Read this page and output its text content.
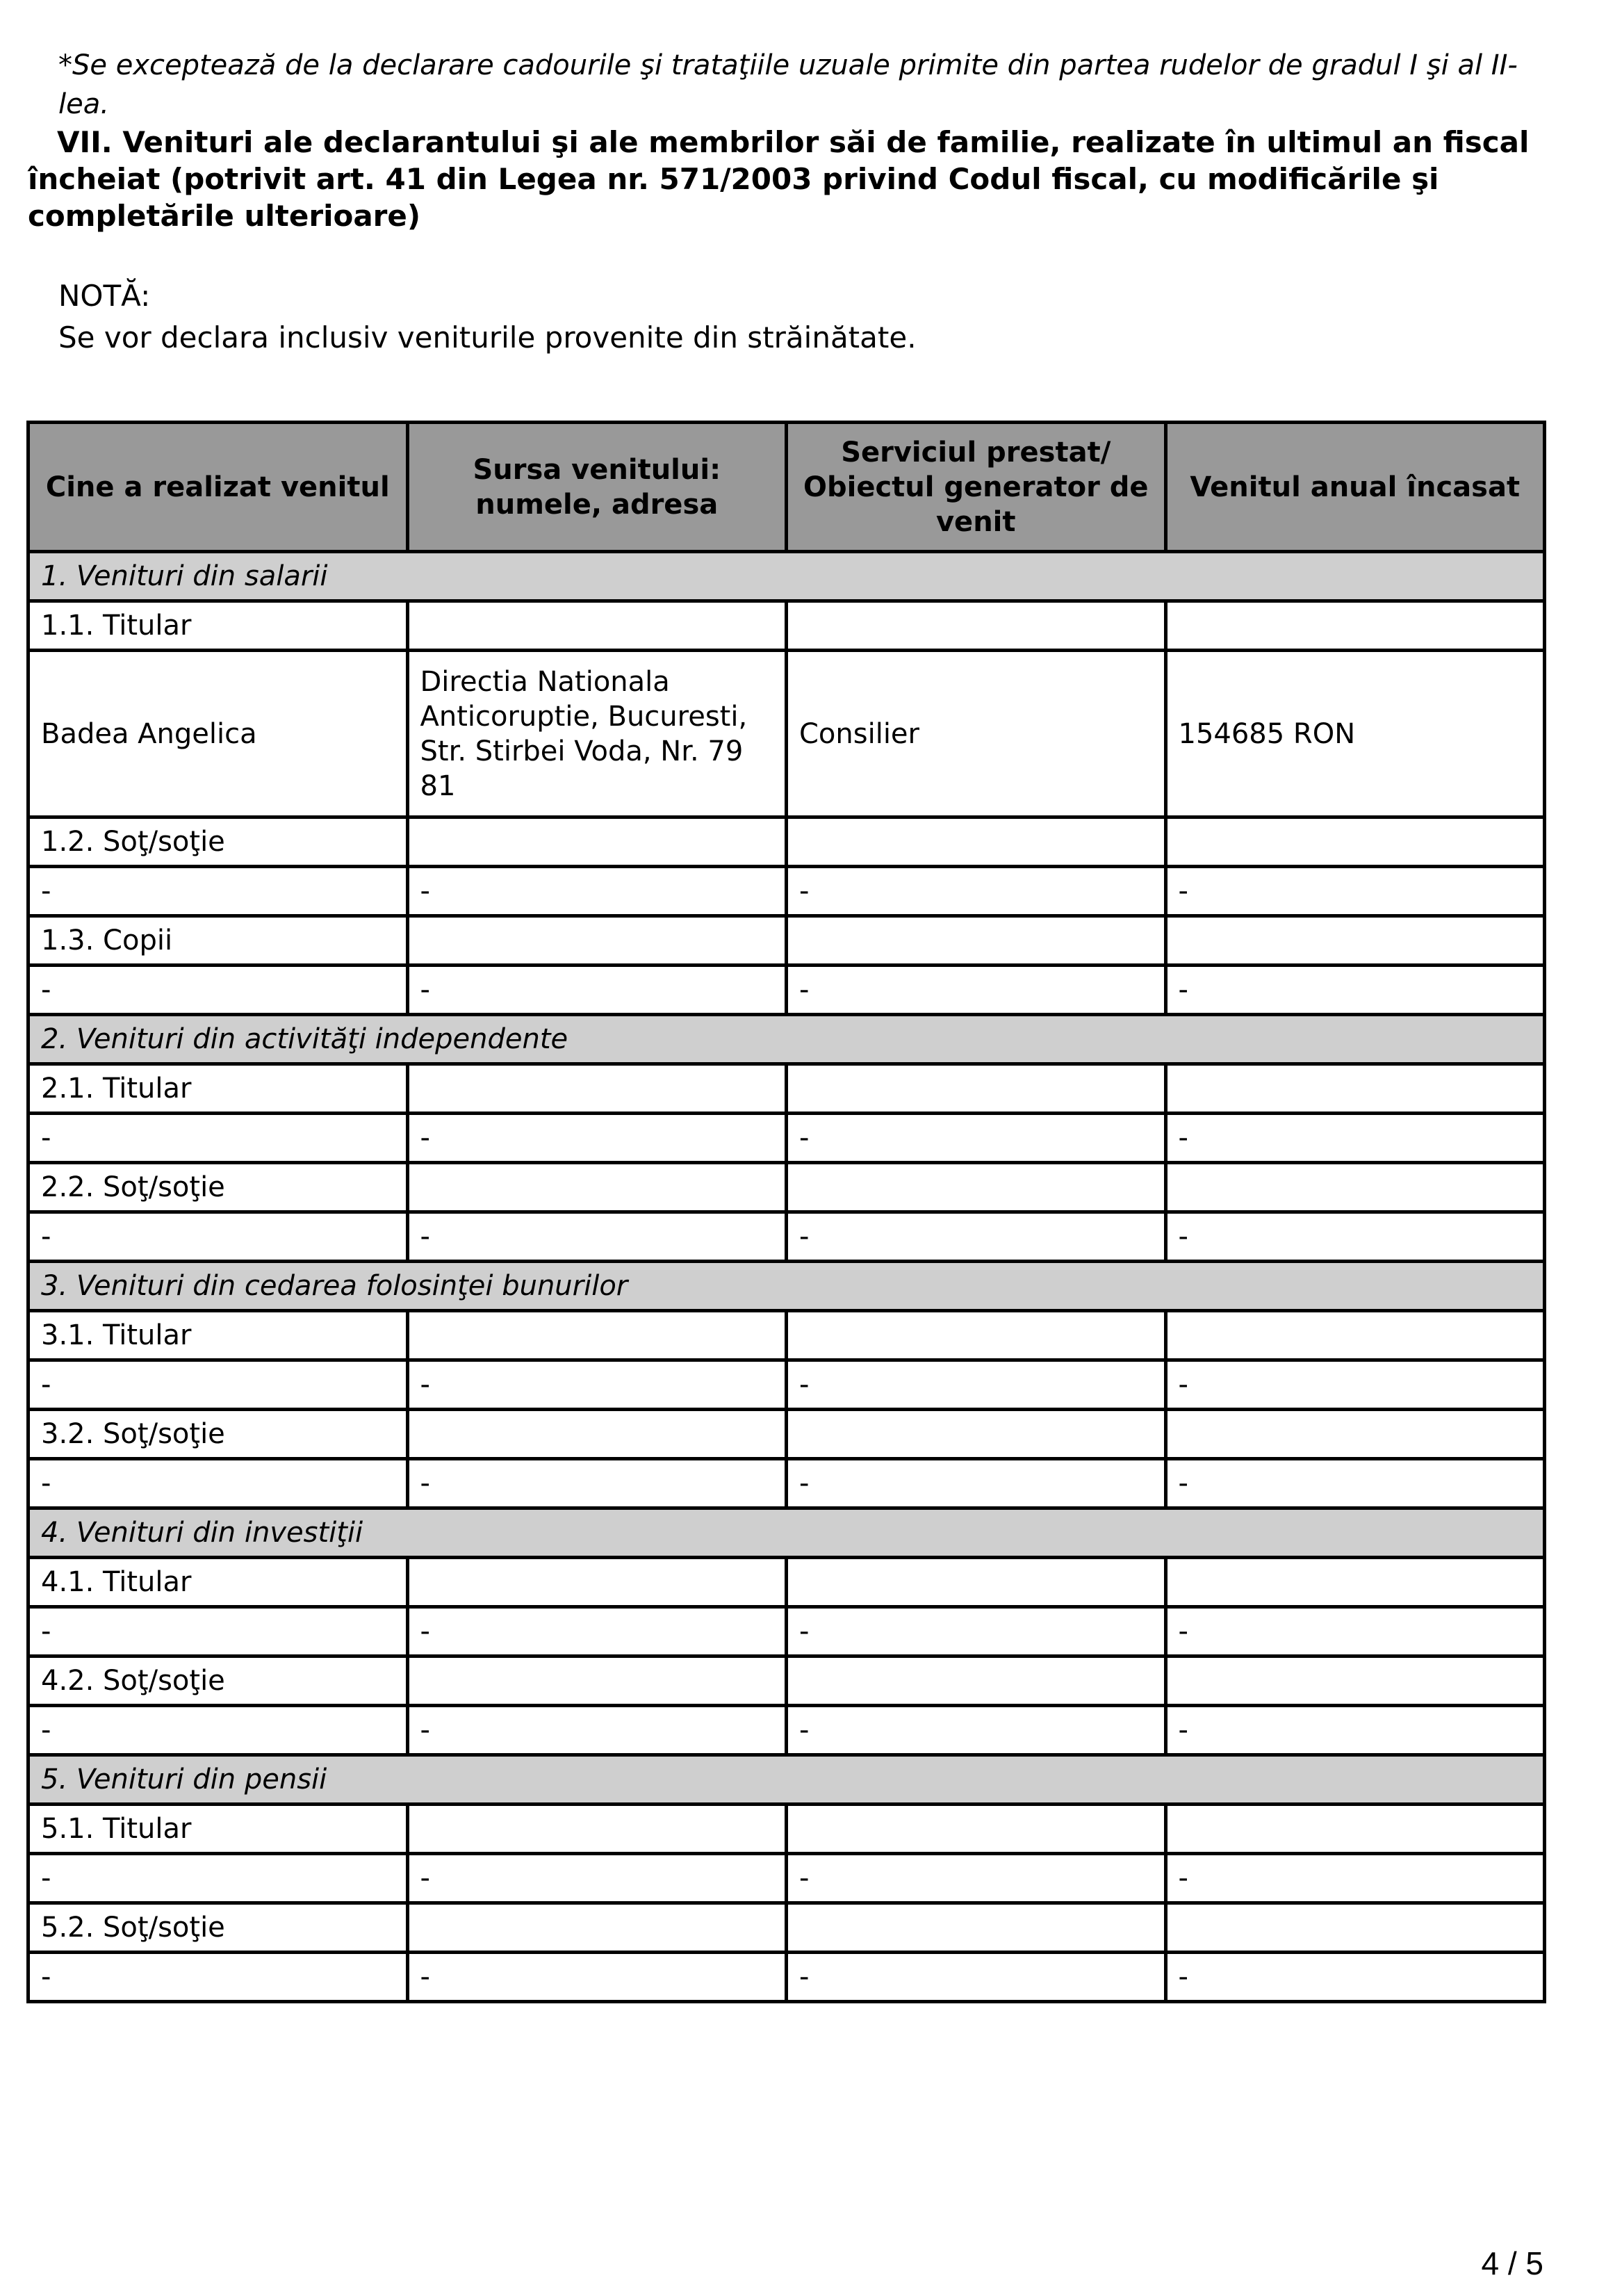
*Se exceptează de la declarare cadourile şi trataţiile uzuale primite din partea rudelor de gradul I şi al II-lea.
VII. Venituri ale declarantului şi ale membrilor săi de familie, realizate în ultimul an fiscal încheiat (potrivit art. 41 din Legea nr. 571/2003 privind Codul fiscal, cu modificările şi completările ulterioare)
NOTĂ:
Se vor declara inclusiv veniturile provenite din străinătate.
Cine a realizat venitul	Sursa venitului: numele, adresa	Serviciul prestat/ Obiectul generator de venit	Venitul anual încasat
1. Venituri din salarii			
1.1. Titular			
Badea Angelica	Directia Nationala Anticoruptie, Bucuresti, Str. Stirbei Voda, Nr. 79 81	Consilier	154685 RON
1.2. Soţ/soţie			
-	-	-	-
1.3. Copii			
-	-	-	-
2. Venituri din activităţi independente			
2.1. Titular			
-	-	-	-
2.2. Soţ/soţie			
-	-	-	-
3. Venituri din cedarea folosinţei bunurilor			
3.1. Titular			
-	-	-	-
3.2. Soţ/soţie			
-	-	-	-
4. Venituri din investiţii			
4.1. Titular			
-	-	-	-
4.2. Soţ/soţie			
-	-	-	-
5. Venituri din pensii			
5.1. Titular			
-	-	-	-
5.2. Soţ/soţie			
-	-	-	-
4 / 5
